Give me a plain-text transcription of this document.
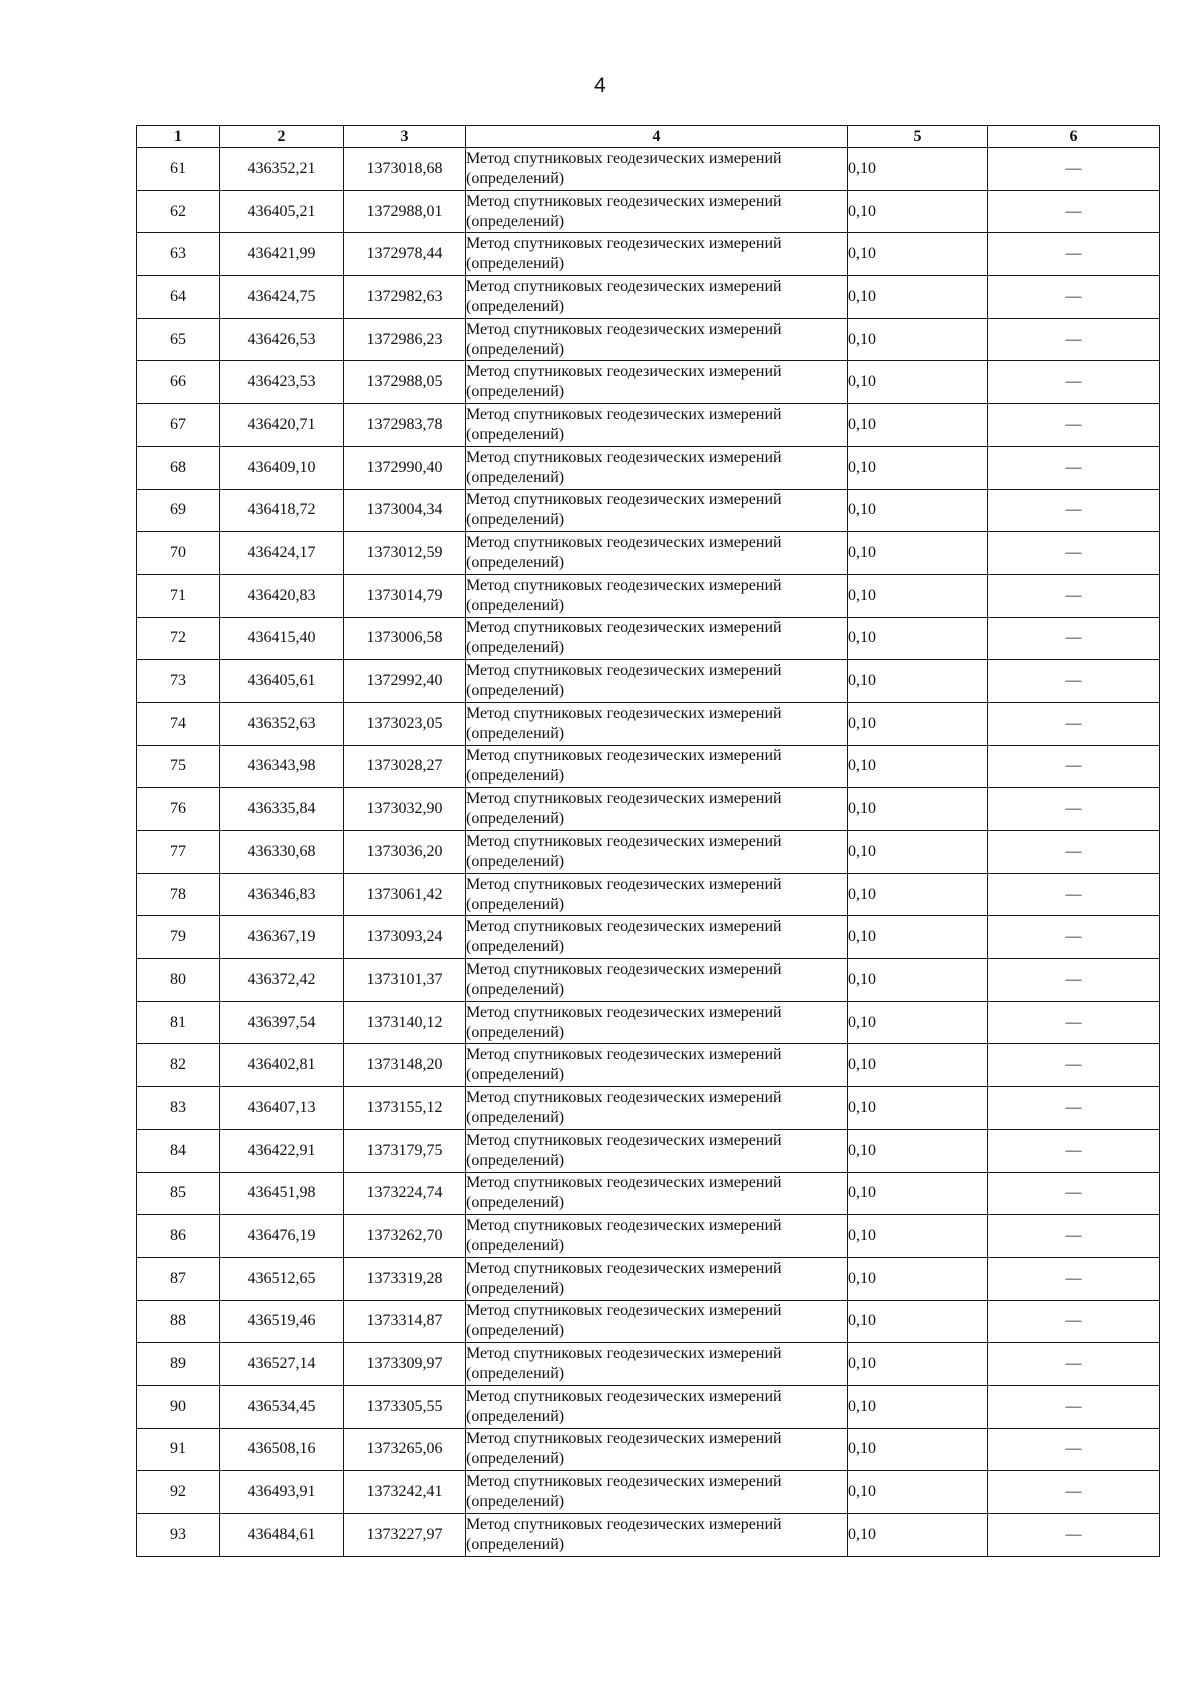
4
1	2	3	4	5	6
61	436352,21	1373018,68	Метод спутниковых геодезических измерений (определений)	0,10	—
62	436405,21	1372988,01	Метод спутниковых геодезических измерений (определений)	0,10	—
63	436421,99	1372978,44	Метод спутниковых геодезических измерений (определений)	0,10	—
64	436424,75	1372982,63	Метод спутниковых геодезических измерений (определений)	0,10	—
65	436426,53	1372986,23	Метод спутниковых геодезических измерений (определений)	0,10	—
66	436423,53	1372988,05	Метод спутниковых геодезических измерений (определений)	0,10	—
67	436420,71	1372983,78	Метод спутниковых геодезических измерений (определений)	0,10	—
68	436409,10	1372990,40	Метод спутниковых геодезических измерений (определений)	0,10	—
69	436418,72	1373004,34	Метод спутниковых геодезических измерений (определений)	0,10	—
70	436424,17	1373012,59	Метод спутниковых геодезических измерений (определений)	0,10	—
71	436420,83	1373014,79	Метод спутниковых геодезических измерений (определений)	0,10	—
72	436415,40	1373006,58	Метод спутниковых геодезических измерений (определений)	0,10	—
73	436405,61	1372992,40	Метод спутниковых геодезических измерений (определений)	0,10	—
74	436352,63	1373023,05	Метод спутниковых геодезических измерений (определений)	0,10	—
75	436343,98	1373028,27	Метод спутниковых геодезических измерений (определений)	0,10	—
76	436335,84	1373032,90	Метод спутниковых геодезических измерений (определений)	0,10	—
77	436330,68	1373036,20	Метод спутниковых геодезических измерений (определений)	0,10	—
78	436346,83	1373061,42	Метод спутниковых геодезических измерений (определений)	0,10	—
79	436367,19	1373093,24	Метод спутниковых геодезических измерений (определений)	0,10	—
80	436372,42	1373101,37	Метод спутниковых геодезических измерений (определений)	0,10	—
81	436397,54	1373140,12	Метод спутниковых геодезических измерений (определений)	0,10	—
82	436402,81	1373148,20	Метод спутниковых геодезических измерений (определений)	0,10	—
83	436407,13	1373155,12	Метод спутниковых геодезических измерений (определений)	0,10	—
84	436422,91	1373179,75	Метод спутниковых геодезических измерений (определений)	0,10	—
85	436451,98	1373224,74	Метод спутниковых геодезических измерений (определений)	0,10	—
86	436476,19	1373262,70	Метод спутниковых геодезических измерений (определений)	0,10	—
87	436512,65	1373319,28	Метод спутниковых геодезических измерений (определений)	0,10	—
88	436519,46	1373314,87	Метод спутниковых геодезических измерений (определений)	0,10	—
89	436527,14	1373309,97	Метод спутниковых геодезических измерений (определений)	0,10	—
90	436534,45	1373305,55	Метод спутниковых геодезических измерений (определений)	0,10	—
91	436508,16	1373265,06	Метод спутниковых геодезических измерений (определений)	0,10	—
92	436493,91	1373242,41	Метод спутниковых геодезических измерений (определений)	0,10	—
93	436484,61	1373227,97	Метод спутниковых геодезических измерений (определений)	0,10	—
